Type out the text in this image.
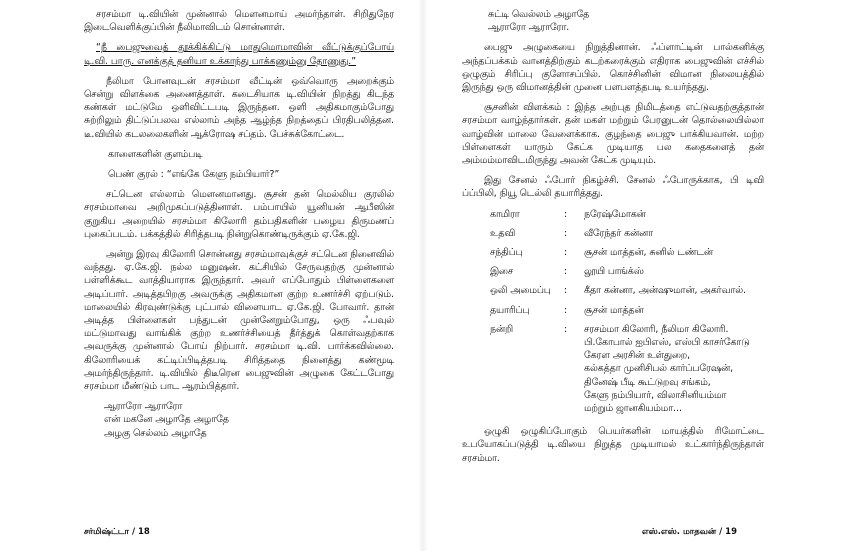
சரசம்மா டி.வியின் முன்னால் மௌனமாய் அமர்ந்தாள். சிறிதுநேர இடைவெளிக்குப்பின் நீலிமாவிடம் சொன்னாள்.

“நீ பைஜுவைத் தூக்கிக்கிட்டு மாதுமொமாவின் வீட்டுக்குப்போய் டி.வி. பாரு. எனக்குத் தனியா உக்காந்து பாக்கணும்னு தோணுது.”

நீலிமா போனவுடன் சரசம்மா வீட்டின் ஒவ்வொரு அறைக்கும் சென்று விளக்கை அணைத்தாள். கடைசியாக டி.வியின் நிறத்து கிடந்த கண்கள் மட்டுமே ஒளிவிட்டபடி இருந்தன. ஒளி அதிகமாகும்போது சுற்றிலும் திட்டுப்பலவ எல்லாம் அந்த ஆழ்ந்த நிறத்தைப் பிரதிபலித்தன. டீ.வியில் கடலலைகளின் ஆக்ரோஷ சப்தம். பேச்சுக்கோட்டை.

காளைகளின் குளம்படி

பெண் குரல் : “எங்கே கேளு நம்பியார்?”

சட்டென எல்லாம் மௌனமானது. சூசன் தன் மெல்லிய குரலில் சரசம்மாவை அறிமுகப்படுத்தினாள். பம்பாயில் யூனியன் ஆபீஸின் குறுகிய அறையில் சரசம்மா கிலோரி தம்பதிகளின் பழைய திருமணப் புகைப்படம். பக்கத்தில் சிரித்தபடி நின்றுகொண்டிருக்கும் ஏ.கே.ஜி.

அன்று இரவு கிலோரி சொன்னது சரசம்மாவுக்குச் சட்டென நினைவில் வந்தது. ஏ.கே.ஜி. நல்ல மனுஷன். கட்சியில் சேருவதற்கு முன்னால் பள்ளிக்கூட வாத்தியாராக இருந்தார். அவர் எப்போதும் பிள்ளைகளை அடிப்பார். அடித்தபிறகு அவருக்கு அதிகமான குற்ற உணர்ச்சி ஏற்படும். மாலையில் கிரவுண்டுக்கு புட்பால் விளையாட ஏ.கே.ஜி. போவார். தான் அடித்த பிள்ளைகள் பந்துடன் முன்னேறும்போது, ஒரு ஃபவுல் மட்டுமாவது வாங்கிக் குற்ற உணர்ச்சியைத் தீர்த்துக் கொள்வதற்காக அவருக்கு முன்னால் போய் நிற்பார். சரசம்மா டி.வி. பார்க்கவில்லை. கிலோரியைக் கட்டிப்பிடித்தபடி சிரித்ததை நினைத்து கண்மூடி அமர்ந்திருந்தார். டி.வியில் திடீரென பைஜுவின் அழுகை கேட்டபோது சரசம்மா மீண்டும் பாட ஆரம்பித்தார்.

ஆராரோ ஆராரோ
என் மகனே அழாதே அழாதே
அழகு செல்லம் அழாதே
சர்மிஷ்ட்டா / 18
சுட்டி வெல்லம் அழாதே
ஆராரோ ஆராரோ.

பைஜு அழுகையை நிறுத்தினான். ஃப்ளாட்டின் பால்கனிக்கு அந்தப்பக்கம் வானத்திற்கும் கடற்கரைக்கும் எதிராக பைஜுவின் எச்சில் ஒழுகும் சிரிப்பு குளோசப்பில். கொச்சினின் விமான நிலையத்தில் இருந்து ஒரு விமானத்தின் முனை பளபளத்தபடி உயர்ந்தது.

சூசனின் விளக்கம் : இந்த அற்புத நிமிடத்தை எட்டுவதற்குத்தான் சரசம்மா வாழ்ந்தார்கள். தன் மகள் மற்றும் பேரனுடன் தொல்லையில்லா வாழ்வின் மாலை வேளைக்காக. குழந்தை பைஜு பாக்கியவான். மற்ற பிள்ளைகள் யாரும் கேட்க முடியாத பல கதைகளைத் தன் அம்மம்மாவிடமிருந்து அவன் கேட்க முடியும்.

இது சேனல் ஃபோர் நிகழ்ச்சி. சேனல் ஃபோருக்காக, பி டிவி ப்ப்பிலி, நியூ டெல்லி தயாரித்தது.

காமிரா	:	நரேஷ்மோகன்
உதவி	:	வீரேந்தர் கன்னா
சந்திப்பு	:	சூசன் மாத்தன், சுனில் டண்டன்
இசை	:	லூயி பாங்க்ஸ்
ஒலி அமைப்பு	:	கீதா கன்னா, அன்ஷுமான், அகர்வால்.
தயாரிப்பு	:	சூசன் மாத்தன்
நன்றி	:	சரசம்மா கிலோரி, நீலிமா கிலோரி.
பி.கோபால் ஐபிஎஸ், எஸ்பி காசர்கோடு
கேரள அரசின் உள்துறை,
கல்கத்தா முனிசிபல் கார்ப்பரேஷன்,
தினேஷ் பீடி கூட்டுறவு சங்கம்,
கேளு நம்பியார், விலாசினியம்மா
மற்றும் ஜானகியம்மா...

ஒழுகி ஒழுகிப்போகும் பெயர்களின் மாயத்தில் ரிமோட்டை உபயோகப்படுத்தி டி.வியை நிறுத்த முடியாமல் உட்கார்ந்திருந்தாள் சரசம்மா.

எஸ்.எஸ். மாதவன் / 19
